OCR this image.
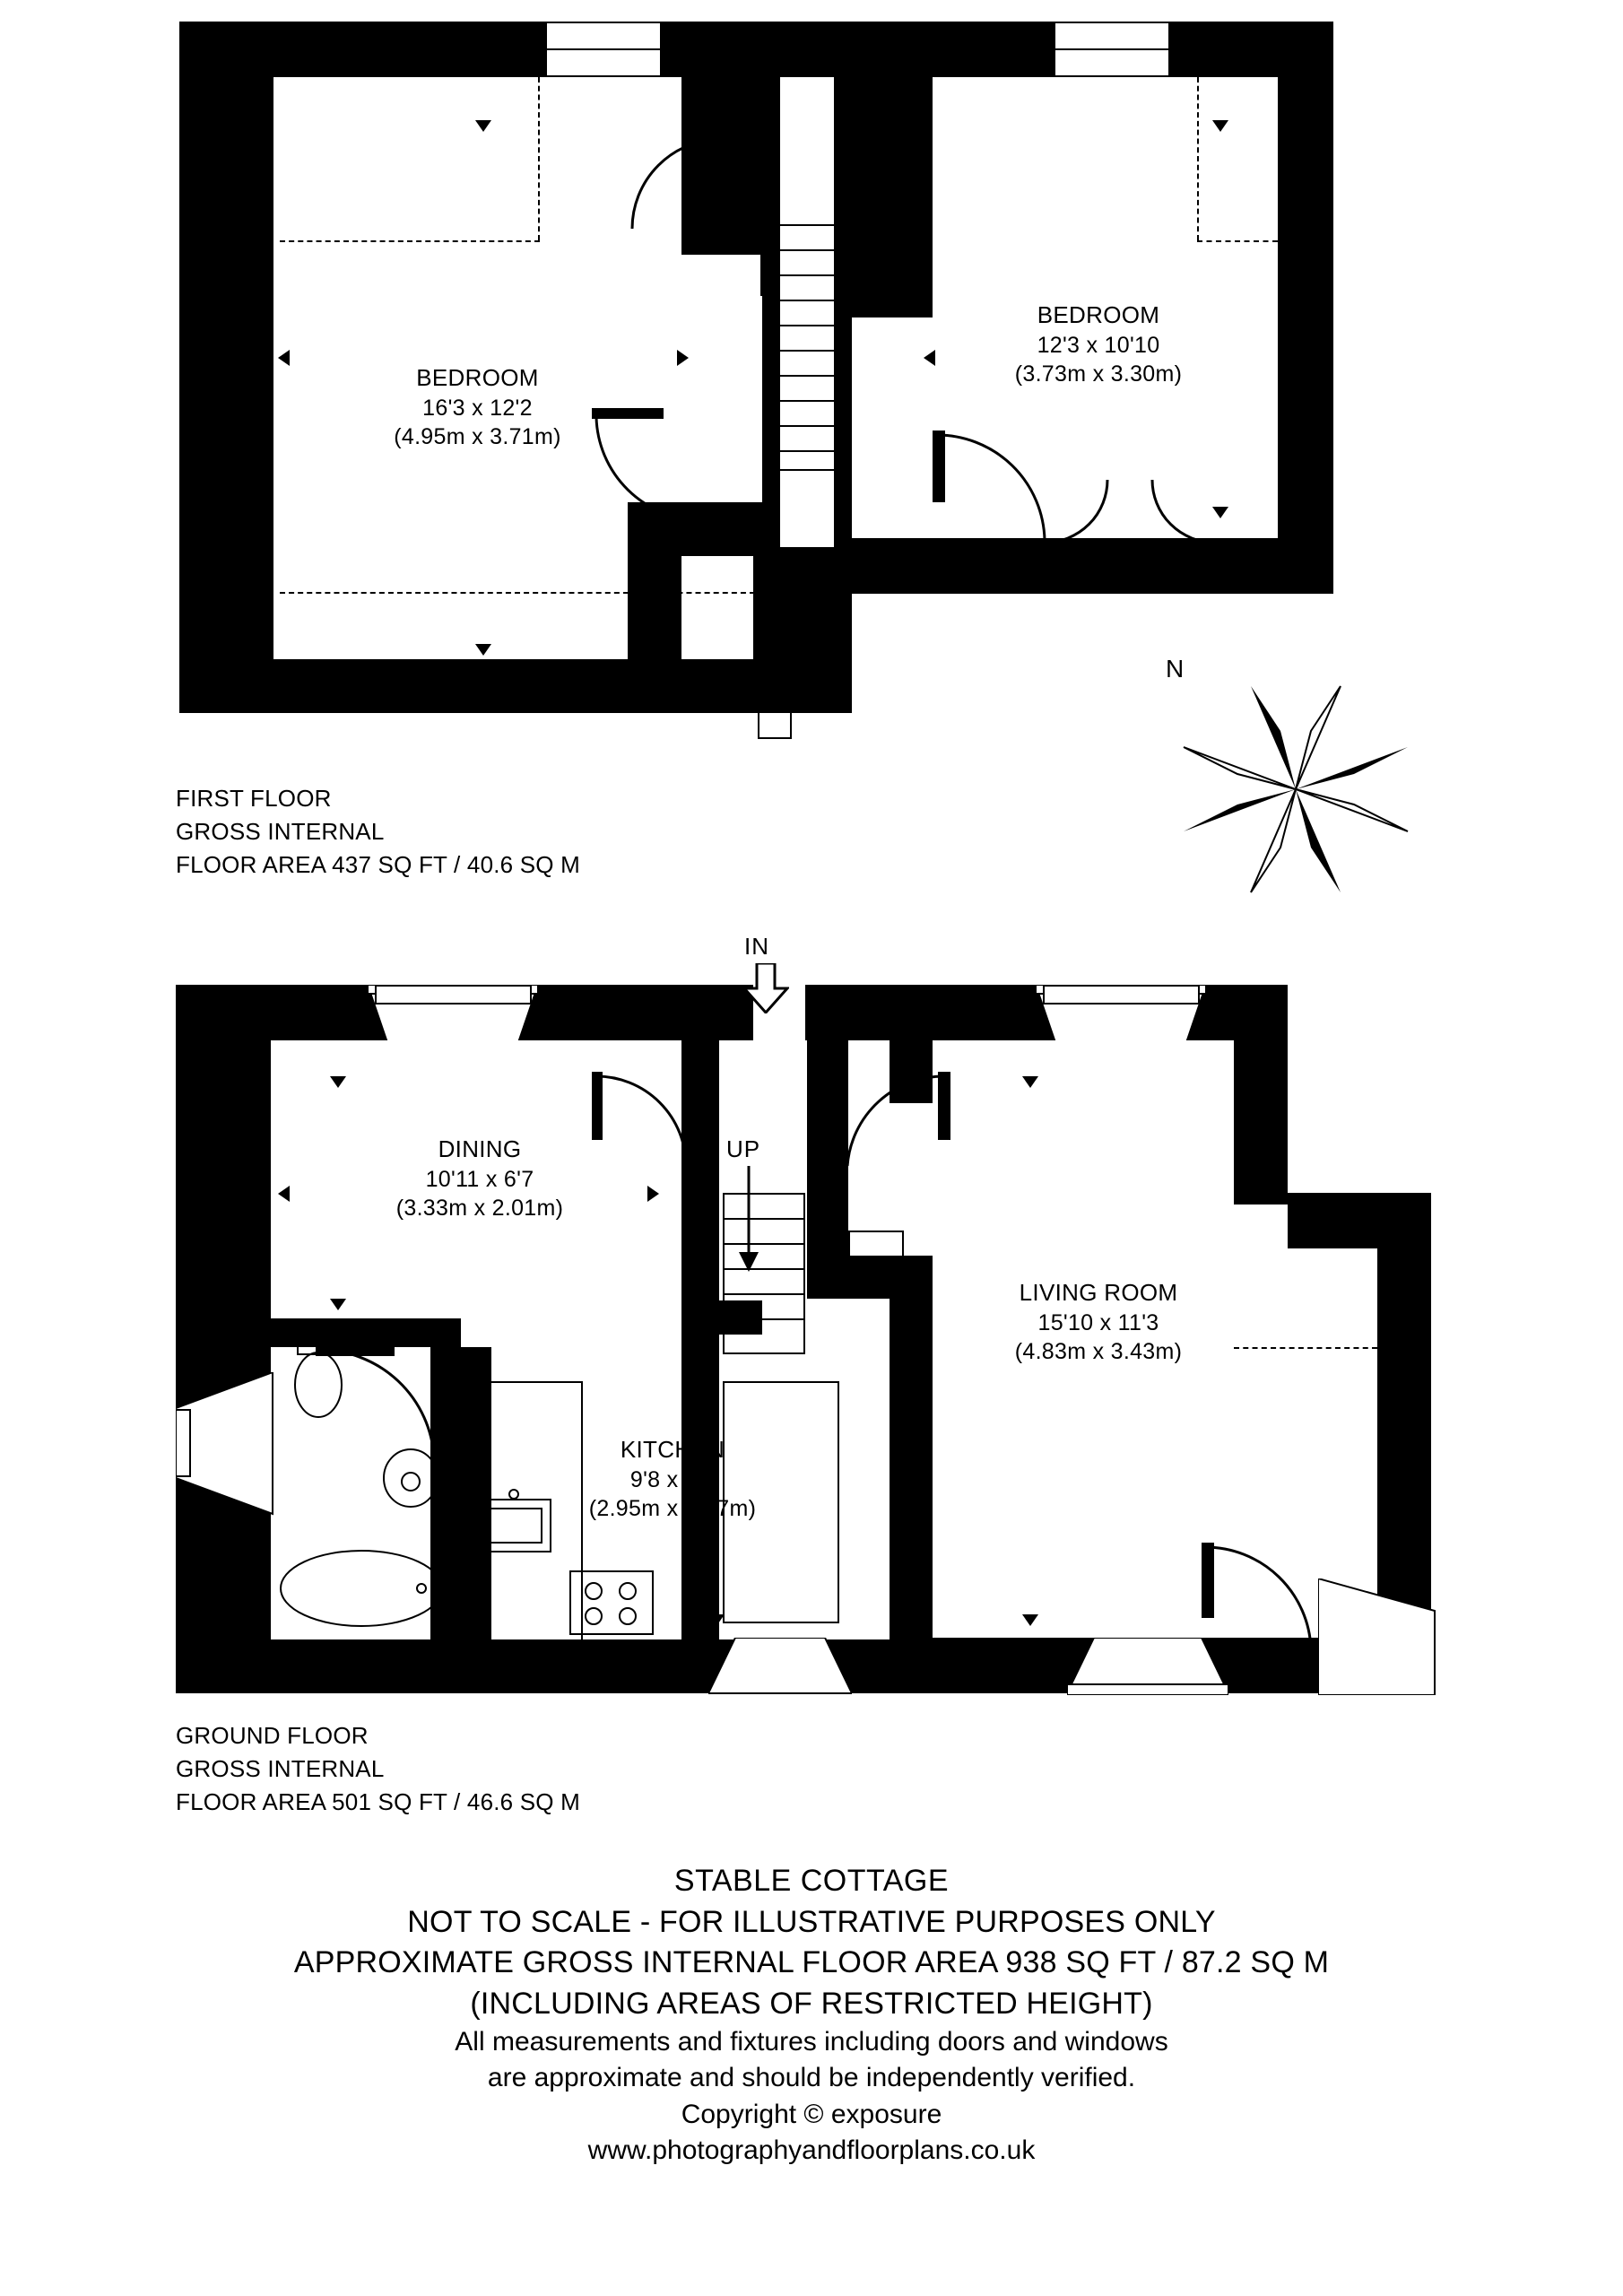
BEDROOM
16'3 x 12'2
(4.95m x 3.71m)
BEDROOM
12'3 x 10'10
(3.73m x 3.30m)
FIRST FLOOR
GROSS INTERNAL
FLOOR AREA 437 SQ FT / 40.6 SQ M
N
IN
UP
DINING
10'11 x 6'7
(3.33m x 2.01m)
KITCHEN
9'8 x 9'1
(2.95m x 2.77m)
LIVING ROOM
15'10 x 11'3
(4.83m x 3.43m)
GROUND FLOOR
GROSS INTERNAL
FLOOR AREA 501 SQ FT / 46.6 SQ M
STABLE COTTAGE
NOT TO SCALE - FOR ILLUSTRATIVE PURPOSES ONLY
APPROXIMATE GROSS INTERNAL FLOOR AREA 938 SQ FT / 87.2 SQ M
(INCLUDING AREAS OF RESTRICTED HEIGHT)
All measurements and fixtures including doors and windows
are approximate and should be independently verified.
Copyright © exposure
www.photographyandfloorplans.co.uk
